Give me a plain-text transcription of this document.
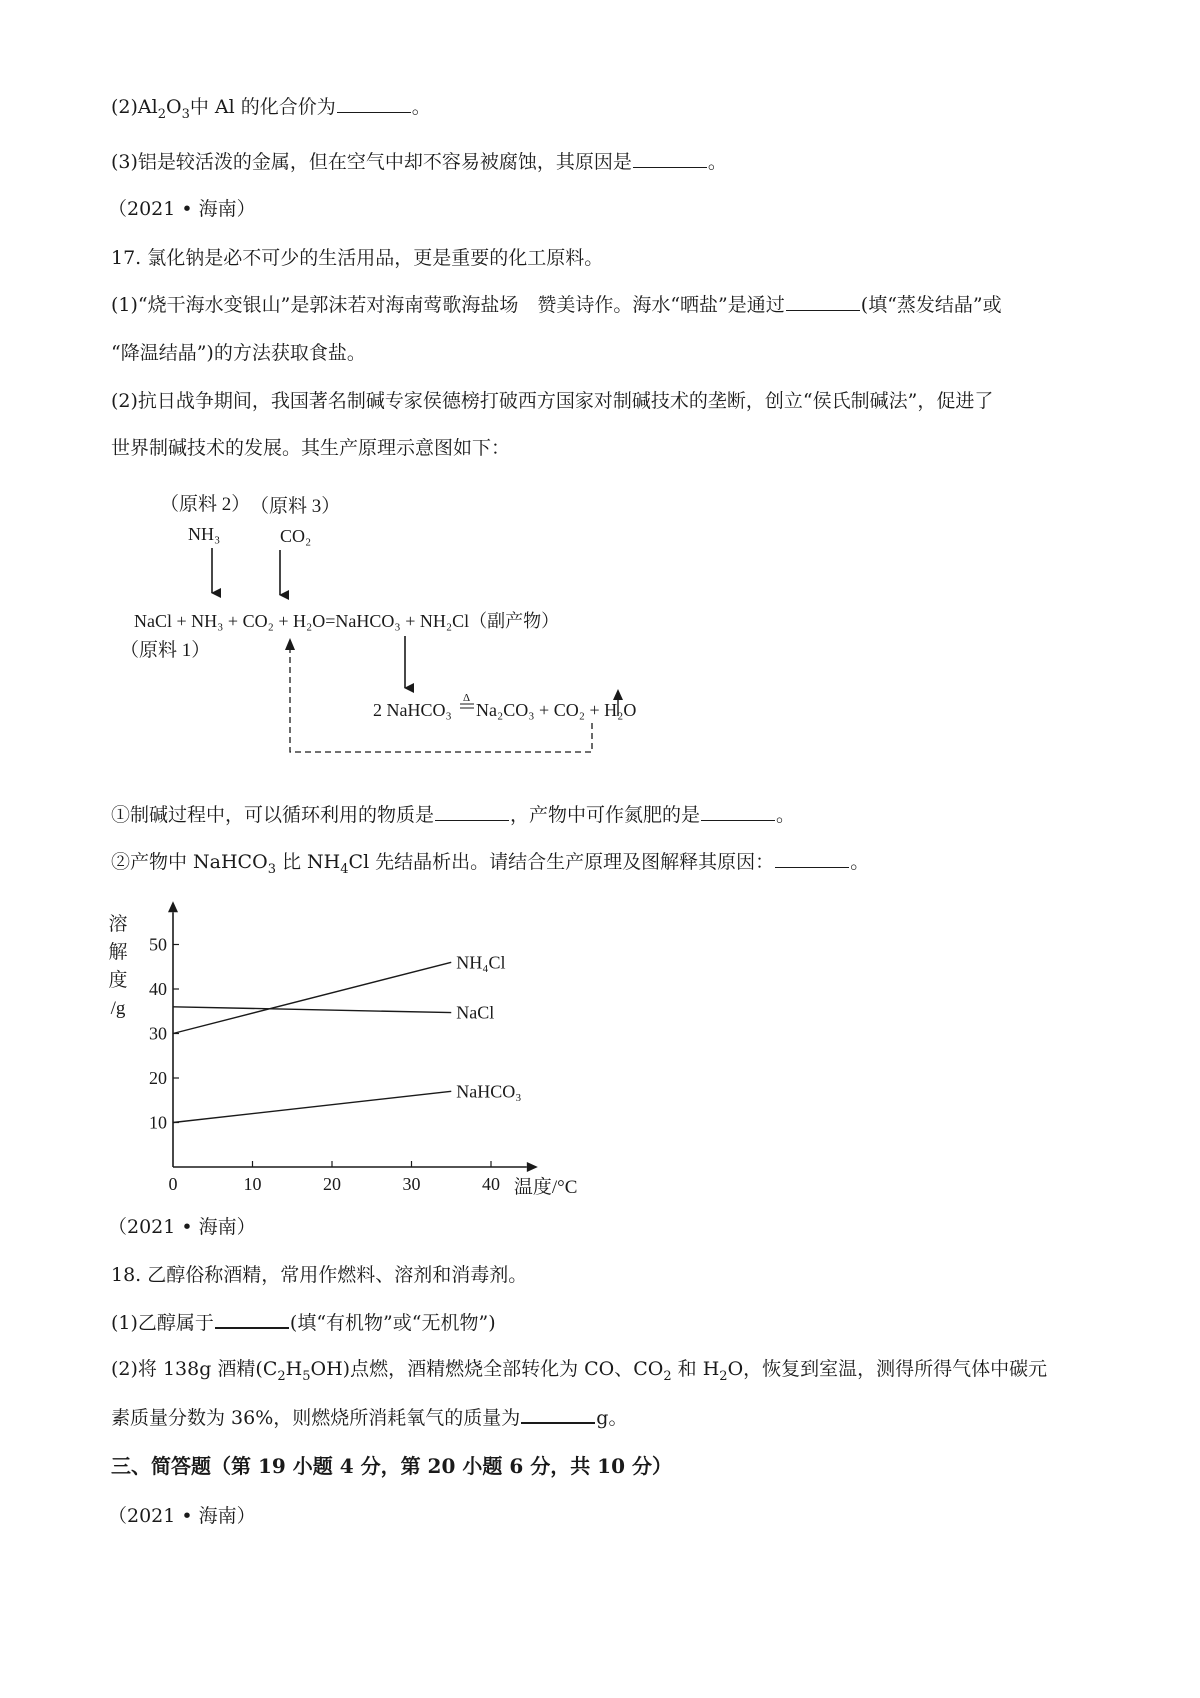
$(2)Al_2O_3$中 Al 的化合价为	。
(3)铝是较活泼的金属，但在空气中却不容易被腐蚀，其原因是	。
（2021 • 海南）
17. 氯化钠是必不可少的生活用品，更是重要的化工原料。
(1)“烧干海水变银山”是郭沫若对海南莺歌海盐场　赞美诗作。海水“晒盐”是通过	(填“蒸发结晶”或
“降温结晶”)的方法获取食盐。
(2)抗日战争期间，我国著名制碱专家侯德榜打破西方国家对制碱技术的垄断，创立“侯氏制碱法”，促进了
世界制碱技术的发展。其生产原理示意图如下：
（原料 2） （原料 3）
NH₃	CO₂
NaCl + NH₃ + CO₂ + H₂O=NaHCO₃ + NH₂Cl（副产物）
（原料 1）
2 NaHCO₃
Δ
Na₂CO₃ + CO₂ + H₂O
①制碱过程中，可以循环利用的物质是	，产物中可作氮肥的是	。
②产物中 NaHCO$_3$ 比 $NH_4Cl$ 先结晶析出。请结合生产原理及图解释其原因：	。
溶
解
度
/g
0	10	20	30	40
10
20
30
40
50
温度/°C
NH₄Cl
NaCl
NaHCO₃
（2021 • 海南）
18. 乙醇俗称酒精，常用作燃料、溶剂和消毒剂。
(1)乙醇属于	(填“有机物”或“无机物”)
(2)将 138g 酒精$(C_2H_5OH)$点燃，酒精燃烧全部转化为 CO、$CO_2$ 和 $H_2O$，恢复到室温，测得所得气体中碳元
素质量分数为 36%，则燃烧所消耗氧气的质量为	g。
三、简答题（第 19 小题 4 分，第 20 小题 6 分，共 10 分）
（2021 • 海南）
